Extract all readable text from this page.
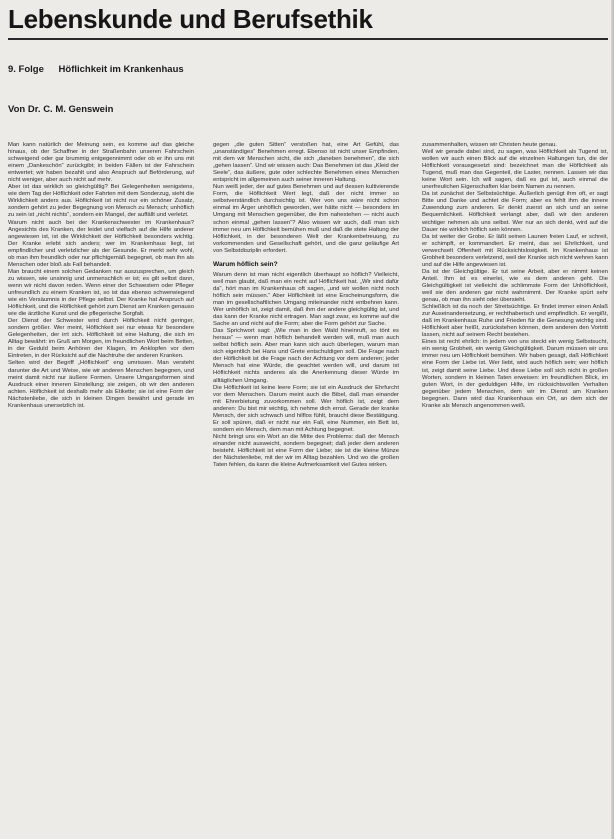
Lebenskunde und Berufsethik
9. Folge Höflichkeit im Krankenhaus
Von Dr. C. M. Genswein

Man kann natürlich der Meinung sein, es komme auf das gleiche hinaus, ob der Schaffner in der Straßenbahn unseren Fahrschein schweigend oder gar brummig entgegennimmt oder ob er ihn uns mit einem „Dankeschön“ zurückgibt; in beiden Fällen ist der Fahrschein entwertet; wir haben bezahlt und also Anspruch auf Beförderung, auf nicht weniger, aber auch nicht auf mehr.

Aber ist das wirklich so gleichgültig? Bei Gelegenheiten wenigstens, wie dem Tag der Höflichkeit oder Fahrten mit dem Sonderzug, sieht die Wirklichkeit anders aus. Höflichkeit ist nicht nur ein schöner Zusatz, sondern gehört zu jeder Begegnung von Mensch zu Mensch; unhöflich zu sein ist „nicht nichts“, sondern ein Mangel, der auffällt und verletzt.

Warum nicht auch bei der Krankenschwester im Krankenhaus? Angesichts des Kranken, der leidet und vielfach auf die Hilfe anderer angewiesen ist, ist die Wirklichkeit der Höflichkeit besonders wichtig. Der Kranke erlebt sich anders; wer im Krankenhaus liegt, ist empfindlicher und verletzlicher als der Gesunde. Er merkt sehr wohl, ob man ihm freundlich oder nur pflichtgemäß begegnet, ob man ihn als Menschen oder bloß als Fall behandelt.

Man braucht einem solchen Gedanken nur auszusprechen, um gleich zu wissen, wie unsinnig und unmenschlich er ist; es gilt selbst dann, wenn wir nicht davon reden. Wenn einer der Schwestern oder Pfleger unfreundlich zu einem Kranken ist, so ist das ebenso schwerwiegend wie ein Versäumnis in der Pflege selbst. Der Kranke hat Anspruch auf Höflichkeit, und die Höflichkeit gehört zum Dienst am Kranken genauso wie die ärztliche Kunst und die pflegerische Sorgfalt.

Der Dienst der Schwester wird durch Höflichkeit nicht geringer, sondern größer. Wer meint, Höflichkeit sei nur etwas für besondere Gelegenheiten, der irrt sich. Höflichkeit ist eine Haltung, die sich im Alltag bewährt: im Gruß am Morgen, im freundlichen Wort beim Betten, in der Geduld beim Anhören der Klagen, im Anklopfen vor dem Eintreten, in der Rücksicht auf die Nachtruhe der anderen Kranken.

Selten wird der Begriff „Höflichkeit“ eng umrissen. Man versteht darunter die Art und Weise, wie wir anderen Menschen begegnen, und meint damit nicht nur äußere Formen. Unsere Umgangsformen sind Ausdruck einer inneren Einstellung; sie zeigen, ob wir den anderen achten. Höflichkeit ist deshalb mehr als Etikette; sie ist eine Form der Nächstenliebe, die sich in kleinen Dingen bewährt und gerade im Krankenhaus unersetzlich ist.

gegen „die guten Sitten“ verstoßen hat, eine Art Gefühl, das „unanständiges“ Benehmen erregt. Ebenso ist nicht unser Empfinden, mit dem wir Menschen sicht, die sich „daneben benehmen“, die sich „gehen lassen“. Und wir wissen auch: Das Benehmen ist das „Kleid der Seele“, das äußere, gute oder schlechte Benehmen eines Menschen entspricht im allgemeinen auch seiner inneren Haltung.

Nun weiß jeder, der auf gutes Benehmen und auf dessen kultivierende Form, die Höflichkeit Wert legt, daß der nicht immer so selbstverständlich durchsichtig ist. Wer von uns wäre nicht schon einmal im Ärger unhöflich geworden, wer hätte nicht — besonders im Umgang mit Menschen gegenüber, die ihm nahestehen — nicht auch schon einmal „gehen lassen“? Also wissen wir auch, daß man sich immer neu um Höflichkeit bemühen muß und daß die stete Haltung der Höflichkeit, in der besonderen Welt der Krankenbetreuung, zu vorkommenden und Gesellschaft gehört, und die ganz geläufige Art von Selbstdisziplin erfordert.

Warum höflich sein?

Warum denn ist man nicht eigentlich überhaupt so höflich? Vielleicht, weil man glaubt, daß man ein recht auf Höflichkeit hat. „Wir sind dafür da“, hört man im Krankenhaus oft sagen, „und wir wollen nicht noch höflich sein müssen.“ Aber Höflichkeit ist eine Erscheinungsform, die man im gesellschaftlichen Umgang miteinander nicht entbehren kann. Wer unhöflich ist, zeigt damit, daß ihm der andere gleichgültig ist, und das kann der Kranke nicht ertragen. Man sagt zwar, es komme auf die Sache an und nicht auf die Form; aber die Form gehört zur Sache.

Das Sprichwort sagt: „Wie man in den Wald hineinruft, so tönt es heraus“ — wenn man höflich behandelt werden will, muß man auch selbst höflich sein. Aber man kann sich auch überlegen, warum man sich eigentlich bei Hans und Grete entschuldigen soll. Die Frage nach der Höflichkeit ist die Frage nach der Achtung vor dem anderen; jeder Mensch hat eine Würde, die geachtet werden will, und darum ist Höflichkeit nichts anderes als die Anerkennung dieser Würde im alltäglichen Umgang.

Die Höflichkeit ist keine leere Form; sie ist ein Ausdruck der Ehrfurcht vor dem Menschen. Darum meint auch die Bibel, daß man einander mit Ehrerbietung zuvorkommen soll. Wer höflich ist, zeigt dem anderen: Du bist mir wichtig, ich nehme dich ernst. Gerade der kranke Mensch, der sich schwach und hilflos fühlt, braucht diese Bestätigung. Er soll spüren, daß er nicht nur ein Fall, eine Nummer, ein Bett ist, sondern ein Mensch, dem man mit Achtung begegnet.

Nicht bringt uns ein Wort an die Mitte des Problems: daß der Mensch einander nicht ausweicht, sondern begegnet; daß jeder dem anderen beisteht. Höflichkeit ist eine Form der Liebe; sie ist die kleine Münze der Nächstenliebe, mit der wir im Alltag bezahlen. Und wo die großen Taten fehlen, da kann die kleine Aufmerksamkeit viel Gutes wirken.

zusammenhalten, wissen wir Christen heute genau.

Weil wir gerade dabei sind, zu sagen, was Höflichkeit als Tugend ist, wollen wir auch einen Blick auf die einzelnen Haltungen tun, die der Höflichkeit vorausgesetzt sind: bezeichnet man die Höflichkeit als Tugend, muß man das Gegenteil, die Laster, nennen. Lassen wir das keine Wort sein. Ich will sagen, daß es gut ist, auch einmal die unerfreulichen Eigenschaften klar beim Namen zu nennen.

Da ist zunächst der Selbstsüchtige. Äußerlich genügt ihm oft, er sagt Bitte und Danke und achtet die Form; aber es fehlt ihm die innere Zuwendung zum anderen. Er denkt zuerst an sich und an seine Bequemlichkeit. Höflichkeit verlangt aber, daß wir den anderen wichtiger nehmen als uns selbst. Wer nur an sich denkt, wird auf die Dauer nie wirklich höflich sein können.

Da ist weiter der Grobe. Er läßt seinen Launen freien Lauf, er schreit, er schimpft, er kommandiert. Er meint, das sei Ehrlichkeit, und verwechselt Offenheit mit Rücksichtslosigkeit. Im Krankenhaus ist Grobheit besonders verletzend, weil der Kranke sich nicht wehren kann und auf die Hilfe angewiesen ist.

Da ist der Gleichgültige. Er tut seine Arbeit, aber er nimmt keinen Anteil. Ihm ist es einerlei, wie es dem anderen geht. Die Gleichgültigkeit ist vielleicht die schlimmste Form der Unhöflichkeit, weil sie den anderen gar nicht wahrnimmt. Der Kranke spürt sehr genau, ob man ihn sieht oder übersieht.

Schließlich ist da noch der Streitsüchtige. Er findet immer einen Anlaß zur Auseinandersetzung, er rechthaberisch und empfindlich. Er vergißt, daß im Krankenhaus Ruhe und Frieden für die Genesung wichtig sind. Höflichkeit aber heißt, zurückstehen können, dem anderen den Vortritt lassen, nicht auf seinem Recht bestehen.

Eines ist recht ehrlich: in jedem von uns steckt ein wenig Selbstsucht, ein wenig Grobheit, ein wenig Gleichgültigkeit. Darum müssen wir uns immer neu um Höflichkeit bemühen. Wir haben gesagt, daß Höflichkeit eine Form der Liebe ist. Wer liebt, wird auch höflich sein; wer höflich ist, zeigt damit seine Liebe. Und diese Liebe soll sich nicht in großen Worten, sondern in kleinen Taten erweisen: im freundlichen Blick, im guten Wort, in der geduldigen Hilfe, im rücksichtsvollen Verhalten gegenüber jedem Menschen, dem wir im Dienst am Kranken begegnen. Dann wird das Krankenhaus ein Ort, an dem sich der Kranke als Mensch angenommen weiß.
